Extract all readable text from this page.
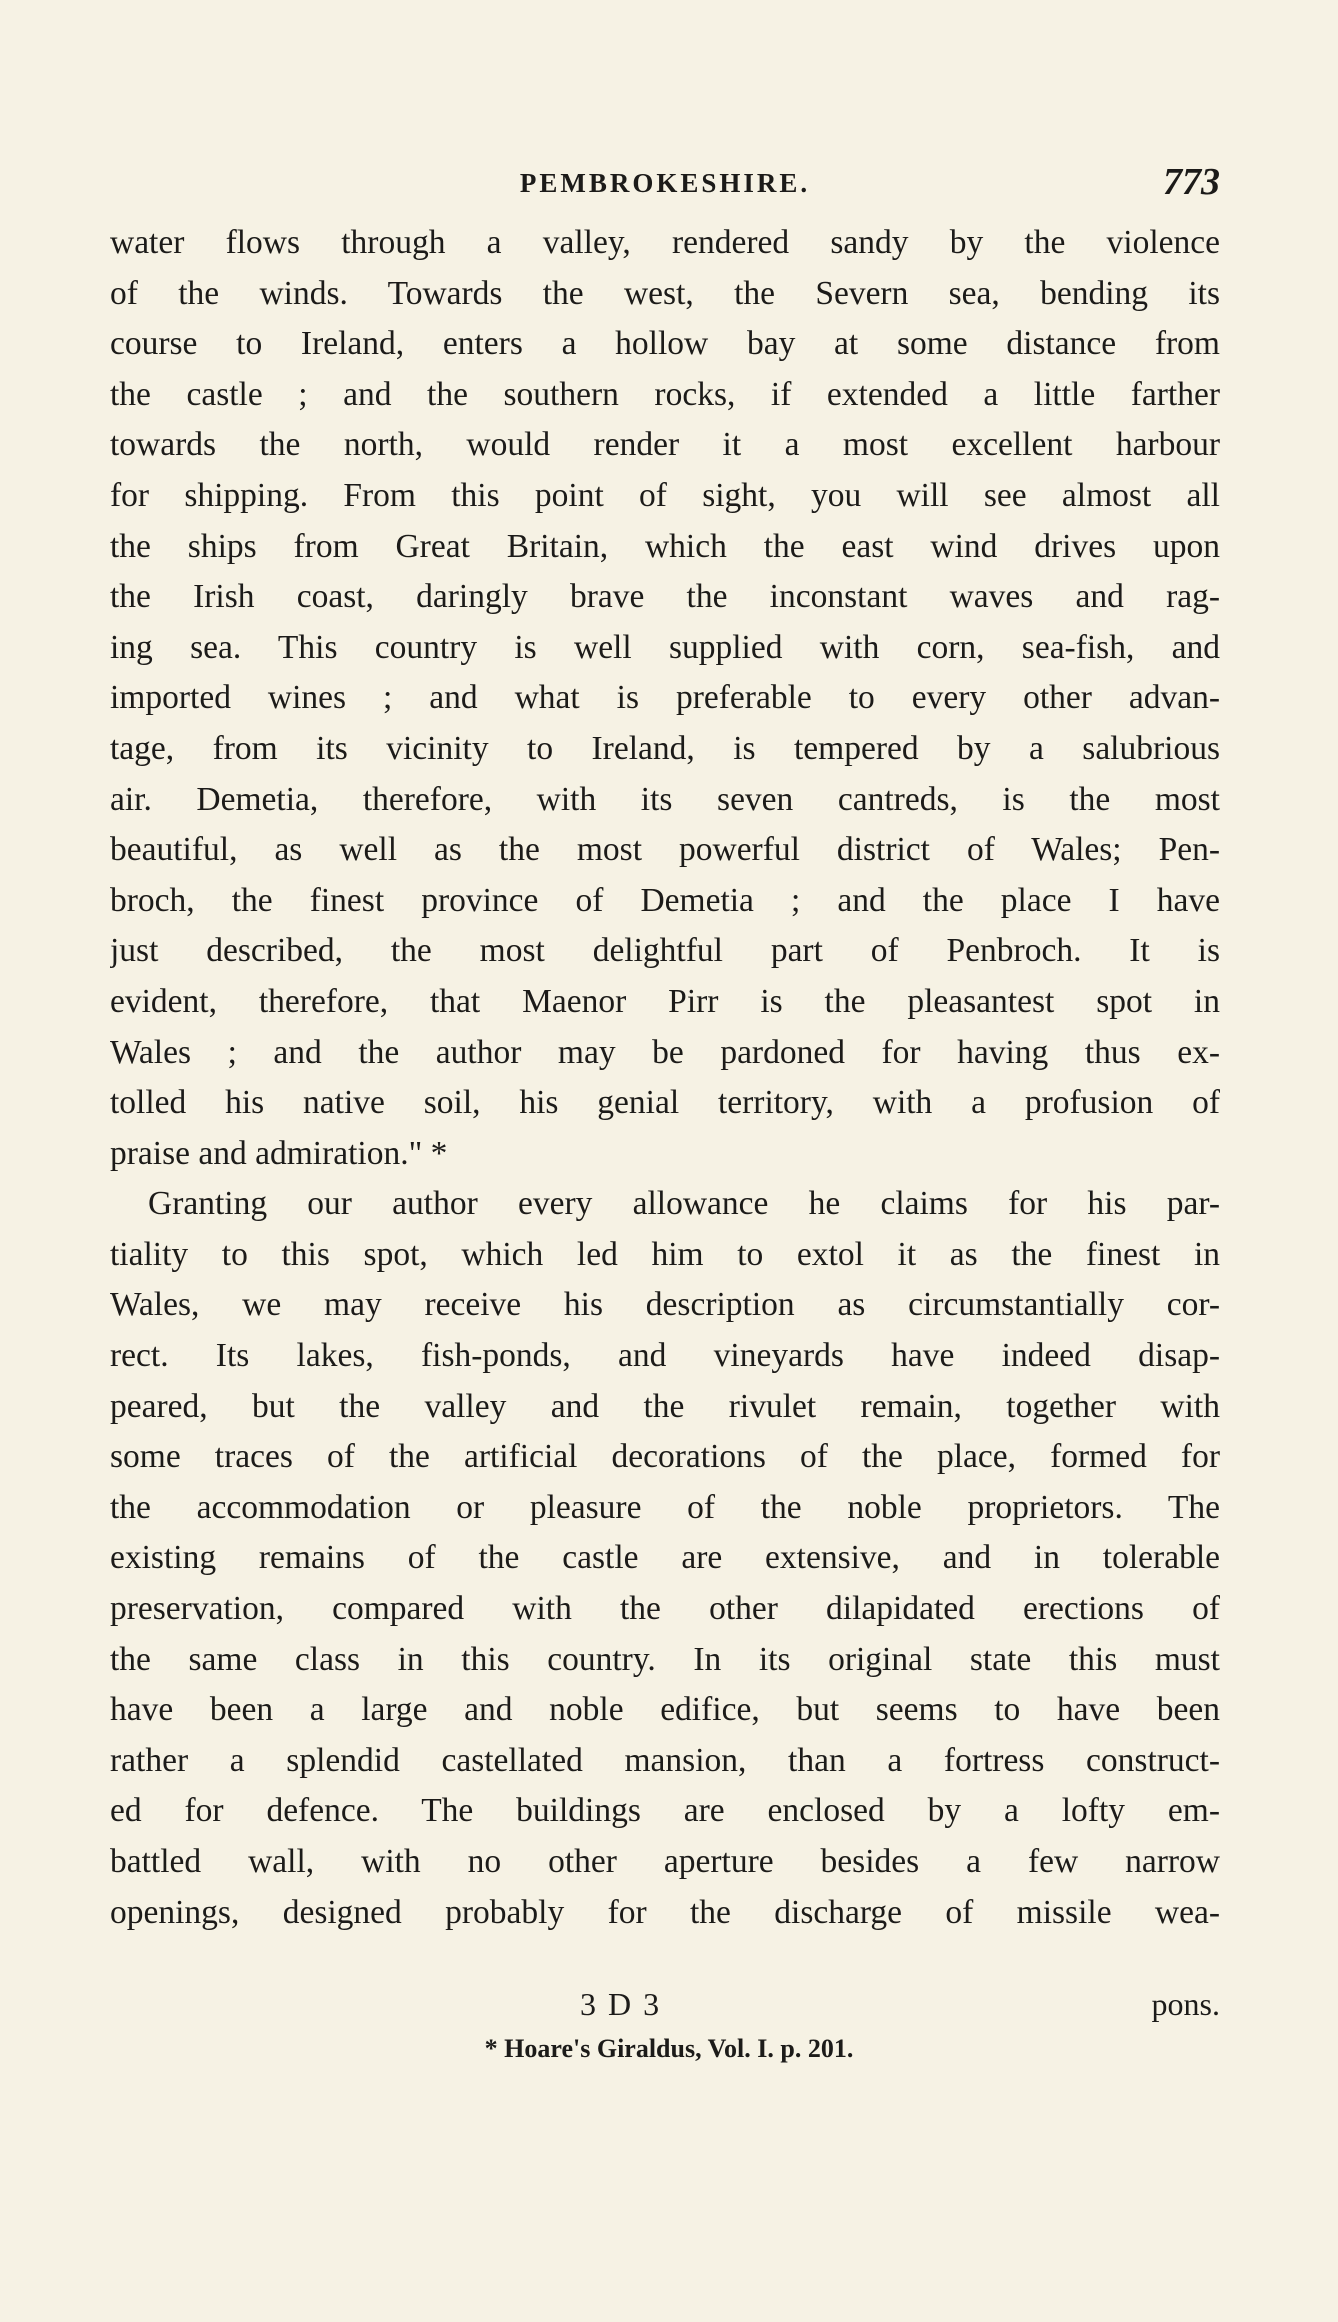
PEMBROKESHIRE.	773
water flows through a valley, rendered sandy by the violence
of the winds. Towards the west, the Severn sea, bending its
course to Ireland, enters a hollow bay at some distance from
the castle ; and the southern rocks, if extended a little farther
towards the north, would render it a most excellent harbour
for shipping. From this point of sight, you will see almost all
the ships from Great Britain, which the east wind drives upon
the Irish coast, daringly brave the inconstant waves and rag-
ing sea. This country is well supplied with corn, sea-fish, and
imported wines ; and what is preferable to every other advan-
tage, from its vicinity to Ireland, is tempered by a salubrious
air. Demetia, therefore, with its seven cantreds, is the most
beautiful, as well as the most powerful district of Wales; Pen-
broch, the finest province of Demetia ; and the place I have
just described, the most delightful part of Penbroch. It is
evident, therefore, that Maenor Pirr is the pleasantest spot in
Wales ; and the author may be pardoned for having thus ex-
tolled his native soil, his genial territory, with a profusion of
praise and admiration." *
Granting our author every allowance he claims for his par-
tiality to this spot, which led him to extol it as the finest in
Wales, we may receive his description as circumstantially cor-
rect. Its lakes, fish-ponds, and vineyards have indeed disap-
peared, but the valley and the rivulet remain, together with
some traces of the artificial decorations of the place, formed for
the accommodation or pleasure of the noble proprietors. The
existing remains of the castle are extensive, and in tolerable
preservation, compared with the other dilapidated erections of
the same class in this country. In its original state this must
have been a large and noble edifice, but seems to have been
rather a splendid castellated mansion, than a fortress construct-
ed for defence. The buildings are enclosed by a lofty em-
battled wall, with no other aperture besides a few narrow
openings, designed probably for the discharge of missile wea-
3 D 3	pons.
* Hoare's Giraldus, Vol. I. p. 201.
